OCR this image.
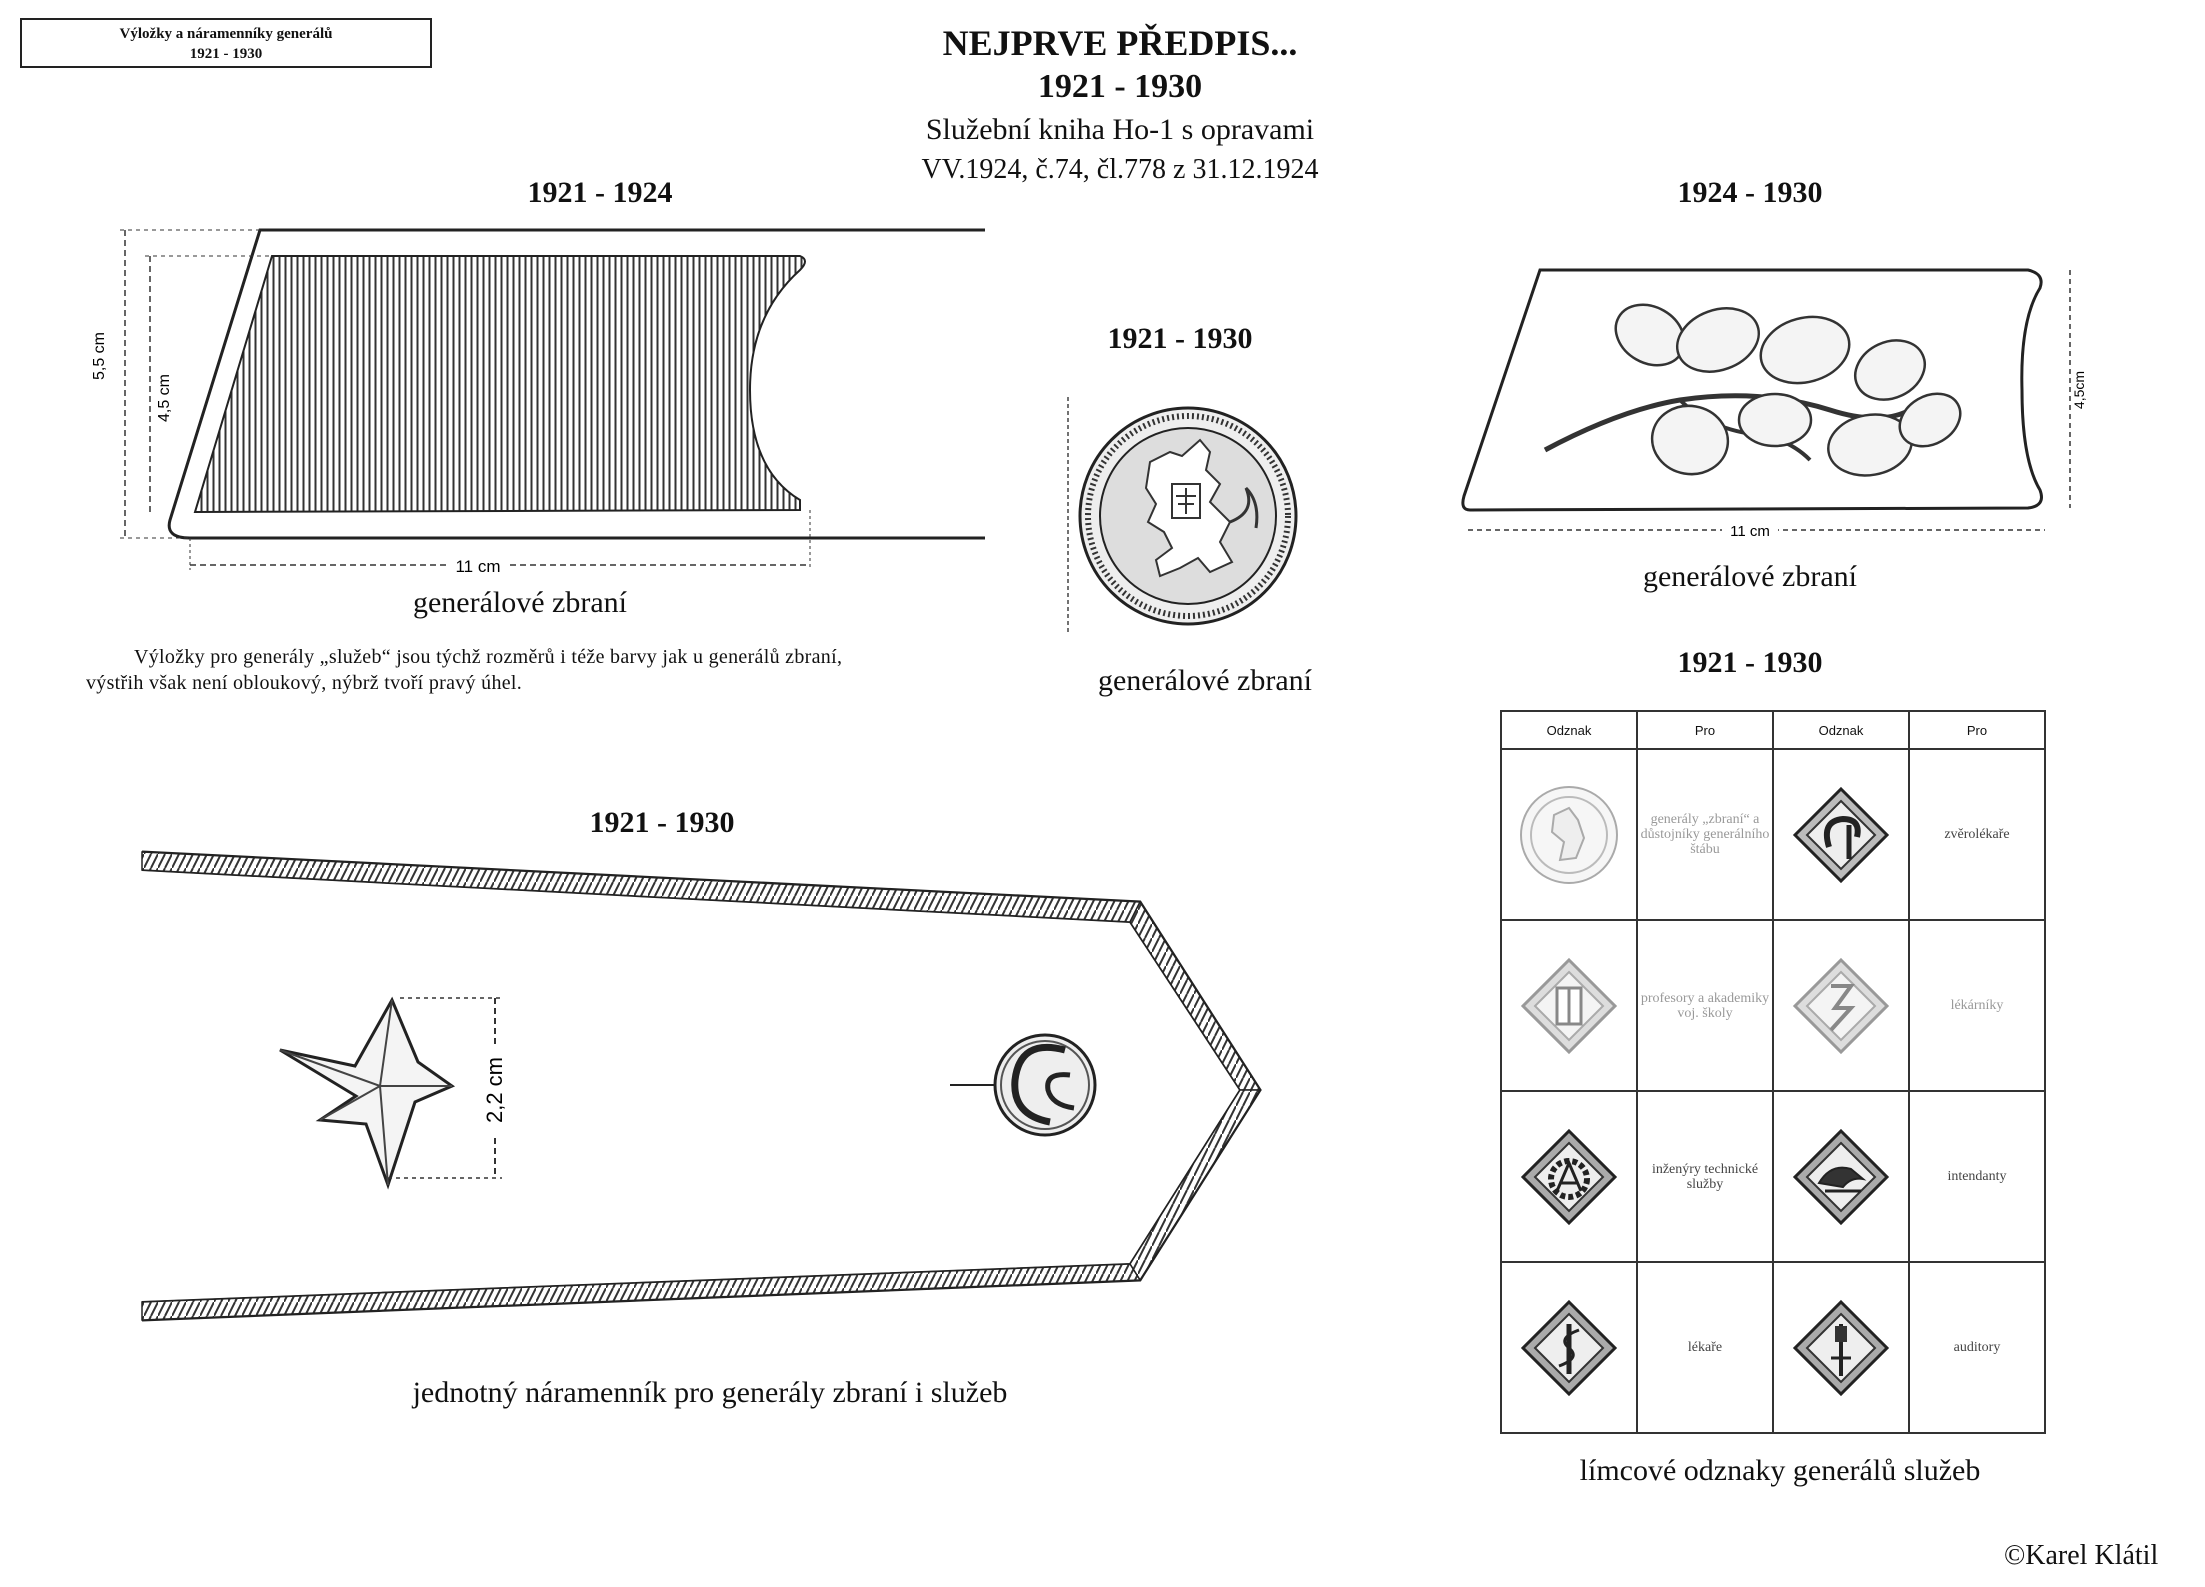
Výložky a náramenníky generálů
1921 - 1930	NEJPRVE PŘEDPIS...
1921 - 1930
Služební kniha Ho-1 s opravami
VV.1924, č.74, čl.778 z 31.12.1924
1921 - 1924
5,5 cm
4,5 cm
11 cm
generálové zbraní
Výložky pro generály „služeb“ jsou týchž rozměrů i téže barvy jak u generálů zbraní,
výstřih však není obloukový, nýbrž tvoří pravý úhel.
1921 - 1930
generálové zbraní
1924 - 1930
4,5cm
11 cm
generálové zbraní
1921 - 1930
2,2 cm
jednotný náramenník pro generály zbraní i služeb
1921 - 1930
Odznak	Pro	Odznak	Pro

	generály „zbraní“ a důstojníky generálního štábu		zvěrolékaře

	profesory a akademiky voj. školy		lékárníky

	inženýry technické služby		intendanty

	lékaře		auditory
límcové odznaky generálů služeb
©Karel Klátil
